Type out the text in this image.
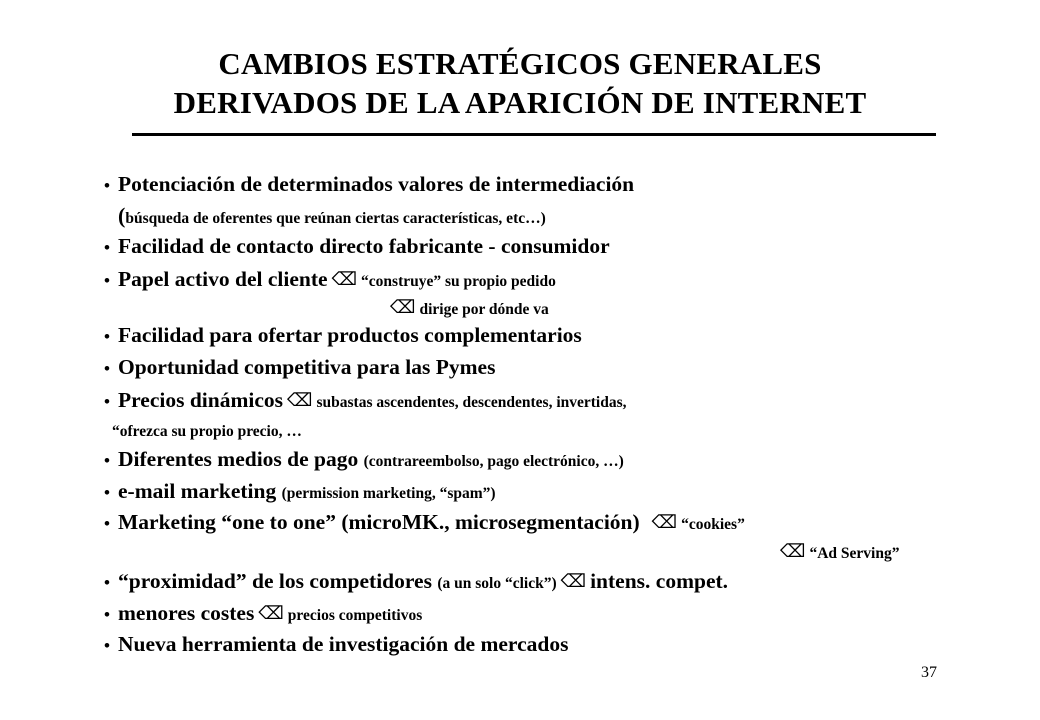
CAMBIOS ESTRATÉGICOS GENERALES
DERIVADOS DE LA APARICIÓN DE INTERNET
• Potenciación de determinados valores de intermediación
(búsqueda de oferentes que reúnan ciertas características, etc…)
• Facilidad de contacto directo fabricante - consumidor
• Papel activo del cliente ⌫ “construye” su propio pedido
⌫ dirige por dónde va
• Facilidad para ofertar productos complementarios
• Oportunidad competitiva para las Pymes
• Precios dinámicos ⌫ subastas ascendentes, descendentes, invertidas,
“ofrezca su propio precio, …
• Diferentes medios de pago (contrareembolso, pago electrónico, …)
• e-mail marketing (permission marketing, “spam”)
• Marketing “one to one” (microMK., microsegmentación) ⌫ “cookies”
⌫ “Ad Serving”
• “proximidad” de los competidores (a un solo “click”) ⌫ intens. compet.
• menores costes ⌫ precios competitivos
• Nueva herramienta de investigación de mercados
37
